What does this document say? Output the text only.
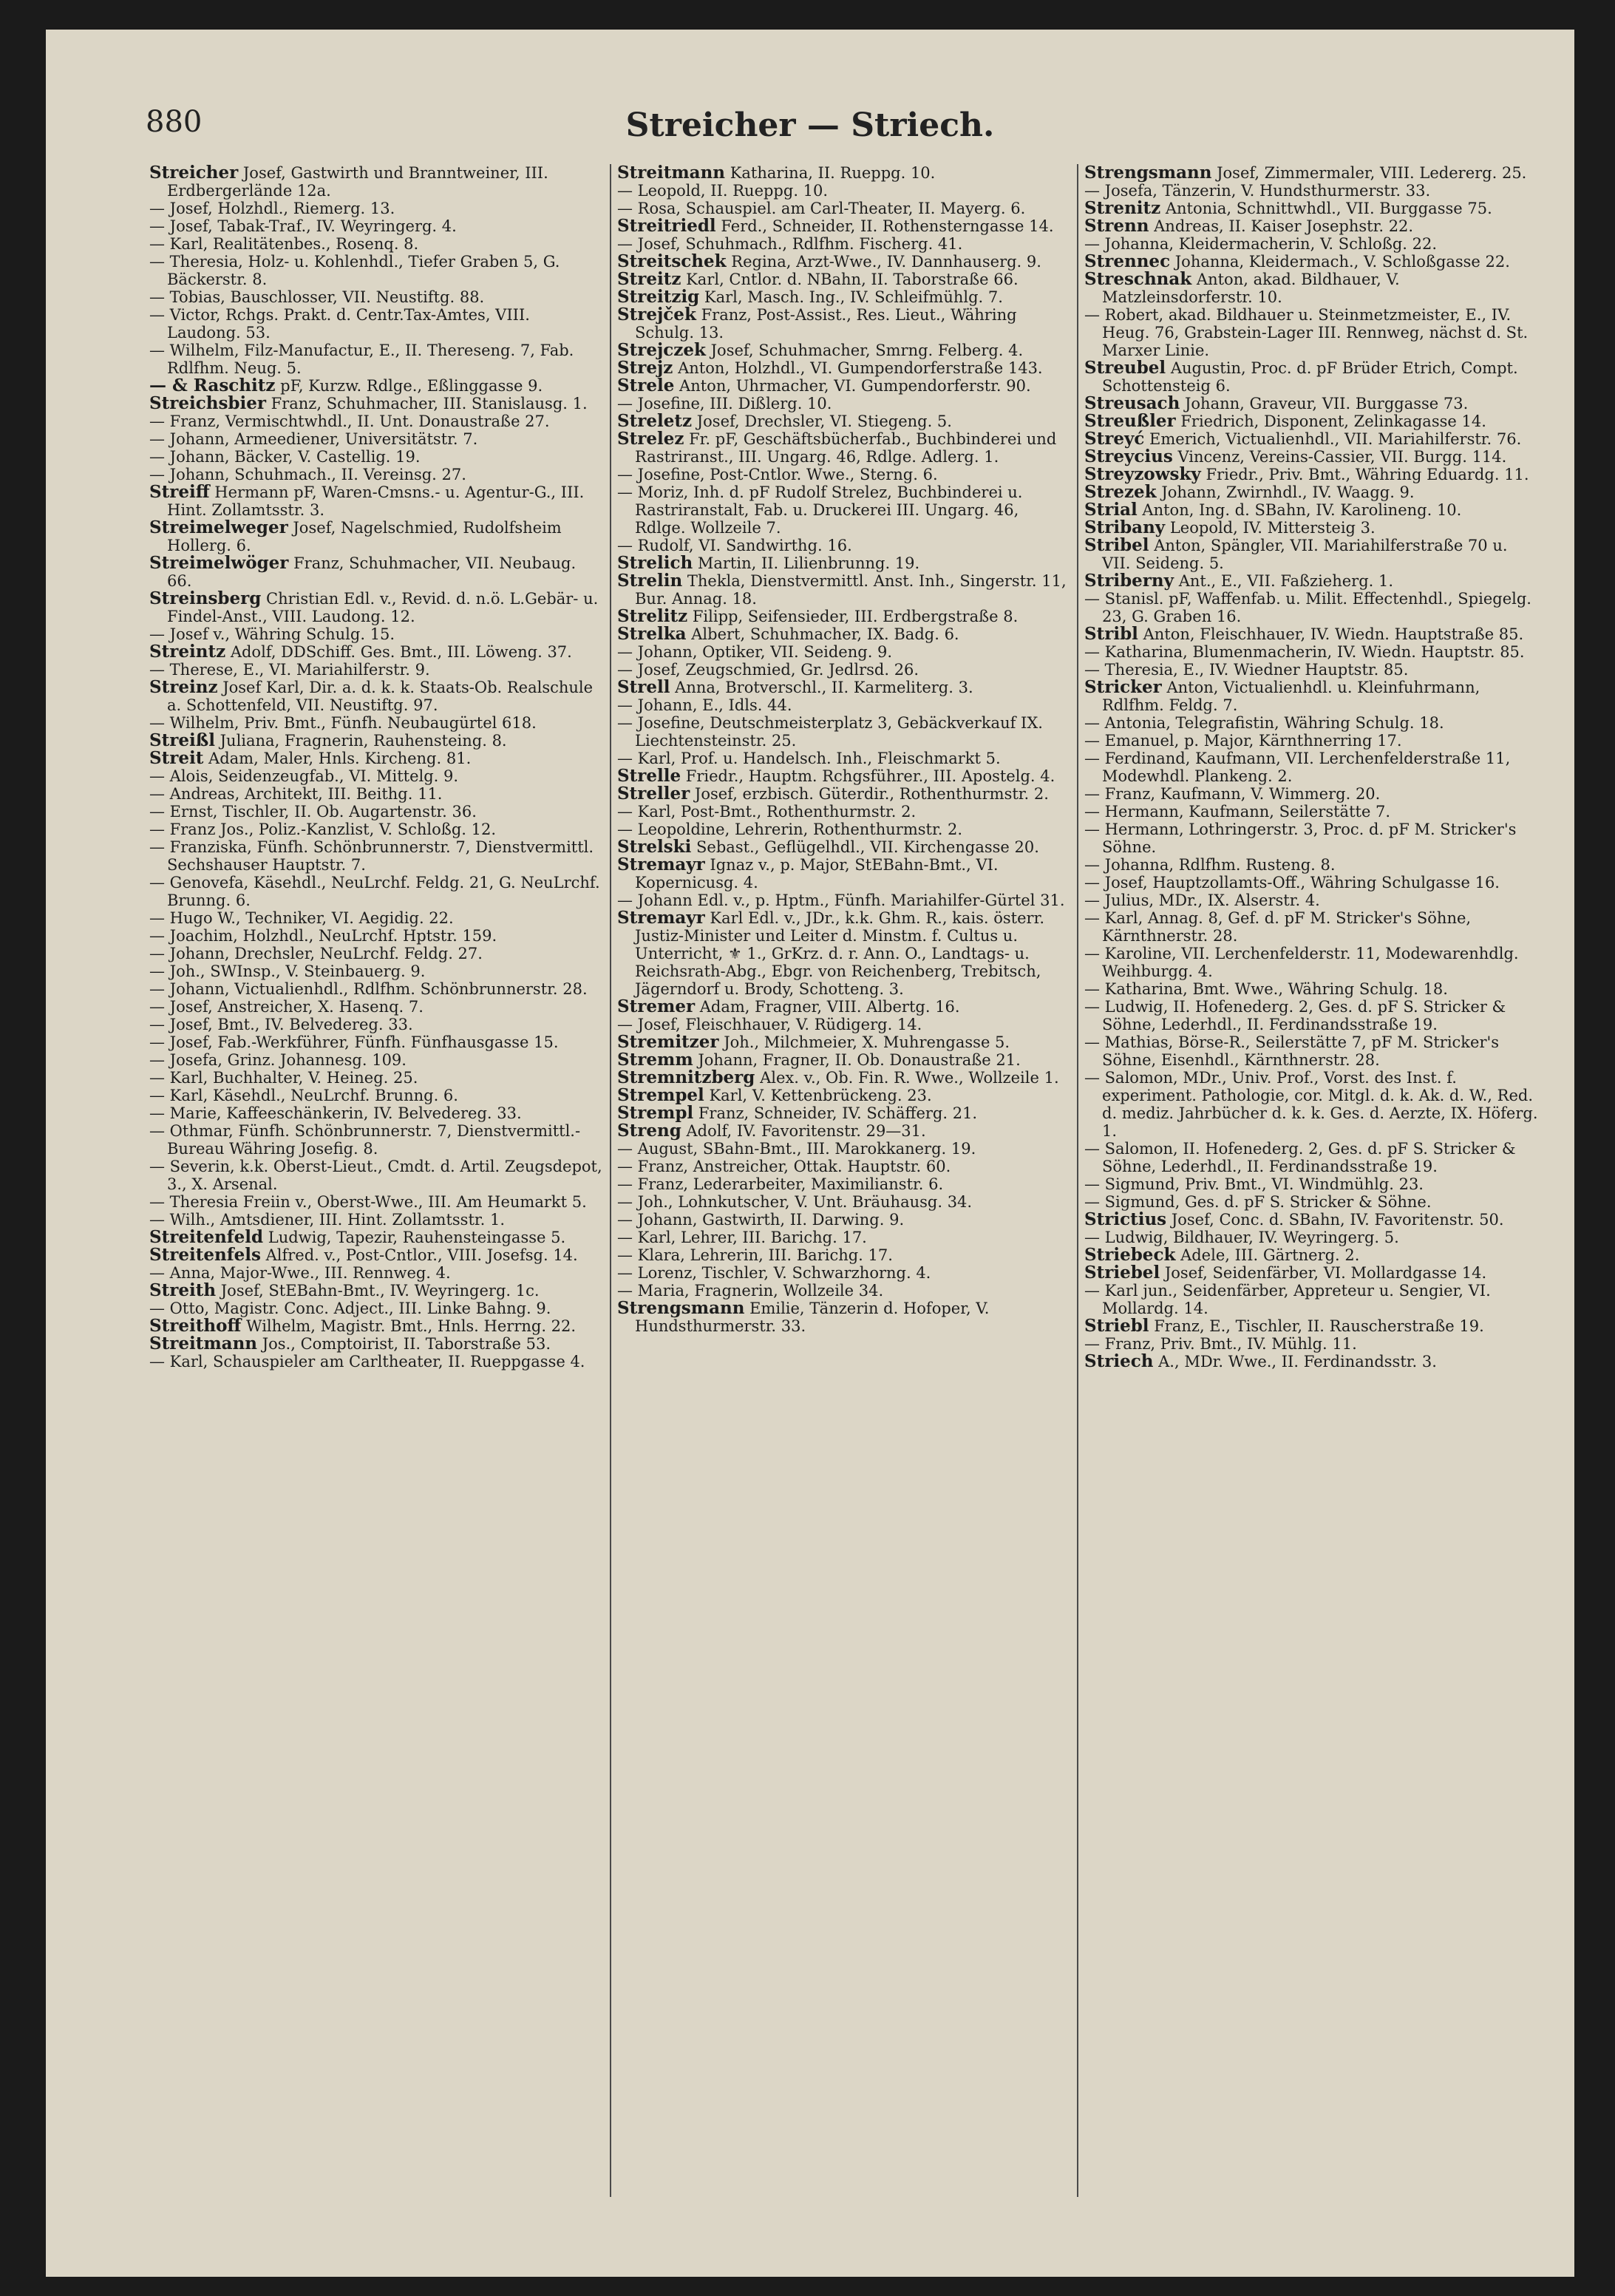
880	Streicher — Striech.

Streicher Josef, Gastwirth und Branntweiner, III. Erdbergerlände 12a.

— Josef, Holzhdl., Riemerg. 13.

— Josef, Tabak-Traf., IV. Weyringerg. 4.

— Karl, Realitätenbes., Rosenq. 8.

— Theresia, Holz- u. Kohlenhdl., Tiefer Graben 5, G. Bäckerstr. 8.

— Tobias, Bauschlosser, VII. Neustiftg. 88.

— Victor, Rchgs. Prakt. d. Centr.Tax-Amtes, VIII. Laudong. 53.

— Wilhelm, Filz-Manufactur, E., II. Thereseng. 7, Fab. Rdlfhm. Neug. 5.

— & Raschitz pF, Kurzw. Rdlge., Eßlinggasse 9.

Streichsbier Franz, Schuhmacher, III. Stanislausg. 1.

— Franz, Vermischtwhdl., II. Unt. Donaustraße 27.

— Johann, Armeediener, Universitätstr. 7.

— Johann, Bäcker, V. Castellig. 19.

— Johann, Schuhmach., II. Vereinsg. 27.

Streiff Hermann pF, Waren-Cmsns.- u. Agentur-G., III. Hint. Zollamtsstr. 3.

Streimelweger Josef, Nagelschmied, Rudolfsheim Hollerg. 6.

Streimelwöger Franz, Schuhmacher, VII. Neubaug. 66.

Streinsberg Christian Edl. v., Revid. d. n.ö. L.Gebär- u. Findel-Anst., VIII. Laudong. 12.

— Josef v., Währing Schulg. 15.

Streintz Adolf, DDSchiff. Ges. Bmt., III. Löweng. 37.

— Therese, E., VI. Mariahilferstr. 9.

Streinz Josef Karl, Dir. a. d. k. k. Staats-Ob. Realschule a. Schottenfeld, VII. Neustiftg. 97.

— Wilhelm, Priv. Bmt., Fünfh. Neubaugürtel 618.

Streißl Juliana, Fragnerin, Rauhensteing. 8.

Streit Adam, Maler, Hnls. Kircheng. 81.

— Alois, Seidenzeugfab., VI. Mittelg. 9.

— Andreas, Architekt, III. Beithg. 11.

— Ernst, Tischler, II. Ob. Augartenstr. 36.

— Franz Jos., Poliz.-Kanzlist, V. Schloßg. 12.

— Franziska, Fünfh. Schönbrunnerstr. 7, Dienstvermittl. Sechshauser Hauptstr. 7.

— Genovefa, Käsehdl., NeuLrchf. Feldg. 21, G. NeuLrchf. Brunng. 6.

— Hugo W., Techniker, VI. Aegidig. 22.

— Joachim, Holzhdl., NeuLrchf. Hptstr. 159.

— Johann, Drechsler, NeuLrchf. Feldg. 27.

— Joh., SWInsp., V. Steinbauerg. 9.

— Johann, Victualienhdl., Rdlfhm. Schönbrunnerstr. 28.

— Josef, Anstreicher, X. Hasenq. 7.

— Josef, Bmt., IV. Belvedereg. 33.

— Josef, Fab.-Werkführer, Fünfh. Fünfhausgasse 15.

— Josefa, Grinz. Johannesg. 109.

— Karl, Buchhalter, V. Heineg. 25.

— Karl, Käsehdl., NeuLrchf. Brunng. 6.

— Marie, Kaffeeschänkerin, IV. Belvedereg. 33.

— Othmar, Fünfh. Schönbrunnerstr. 7, Dienstvermittl.-Bureau Währing Josefig. 8.

— Severin, k.k. Oberst-Lieut., Cmdt. d. Artil. Zeugsdepot, 3., X. Arsenal.

— Theresia Freiin v., Oberst-Wwe., III. Am Heumarkt 5.

— Wilh., Amtsdiener, III. Hint. Zollamtsstr. 1.

Streitenfeld Ludwig, Tapezir, Rauhensteingasse 5.

Streitenfels Alfred. v., Post-Cntlor., VIII. Josefsg. 14.

— Anna, Major-Wwe., III. Rennweg. 4.

Streith Josef, StEBahn-Bmt., IV. Weyringerg. 1c.

— Otto, Magistr. Conc. Adject., III. Linke Bahng. 9.

Streithoff Wilhelm, Magistr. Bmt., Hnls. Herrng. 22.

Streitmann Jos., Comptoirist, II. Taborstraße 53.

— Karl, Schauspieler am Carltheater, II. Rueppgasse 4.

Streitmann Katharina, II. Rueppg. 10.

— Leopold, II. Rueppg. 10.

— Rosa, Schauspiel. am Carl-Theater, II. Mayerg. 6.

Streitriedl Ferd., Schneider, II. Rothensterngasse 14.

— Josef, Schuhmach., Rdlfhm. Fischerg. 41.

Streitschek Regina, Arzt-Wwe., IV. Dannhauserg. 9.

Streitz Karl, Cntlor. d. NBahn, II. Taborstraße 66.

Streitzig Karl, Masch. Ing., IV. Schleifmühlg. 7.

Strejček Franz, Post-Assist., Res. Lieut., Währing Schulg. 13.

Strejczek Josef, Schuhmacher, Smrng. Felberg. 4.

Strejz Anton, Holzhdl., VI. Gumpendorferstraße 143.

Strele Anton, Uhrmacher, VI. Gumpendorferstr. 90.

— Josefine, III. Dißlerg. 10.

Streletz Josef, Drechsler, VI. Stiegeng. 5.

Strelez Fr. pF, Geschäftsbücherfab., Buchbinderei und Rastriranst., III. Ungarg. 46, Rdlge. Adlerg. 1.

— Josefine, Post-Cntlor. Wwe., Sterng. 6.

— Moriz, Inh. d. pF Rudolf Strelez, Buchbinderei u. Rastriranstalt, Fab. u. Druckerei III. Ungarg. 46, Rdlge. Wollzeile 7.

— Rudolf, VI. Sandwirthg. 16.

Strelich Martin, II. Lilienbrunng. 19.

Strelin Thekla, Dienstvermittl. Anst. Inh., Singerstr. 11, Bur. Annag. 18.

Strelitz Filipp, Seifensieder, III. Erdbergstraße 8.

Strelka Albert, Schuhmacher, IX. Badg. 6.

— Johann, Optiker, VII. Seideng. 9.

— Josef, Zeugschmied, Gr. Jedlrsd. 26.

Strell Anna, Brotverschl., II. Karmeliterg. 3.

— Johann, E., Idls. 44.

— Josefine, Deutschmeisterplatz 3, Gebäckverkauf IX. Liechtensteinstr. 25.

— Karl, Prof. u. Handelsch. Inh., Fleischmarkt 5.

Strelle Friedr., Hauptm. Rchgsführer., III. Apostelg. 4.

Streller Josef, erzbisch. Güterdir., Rothenthurmstr. 2.

— Karl, Post-Bmt., Rothenthurmstr. 2.

— Leopoldine, Lehrerin, Rothenthurmstr. 2.

Strelski Sebast., Geflügelhdl., VII. Kirchengasse 20.

Stremayr Ignaz v., p. Major, StEBahn-Bmt., VI. Kopernicusg. 4.

— Johann Edl. v., p. Hptm., Fünfh. Mariahilfer-Gürtel 31.

Stremayr Karl Edl. v., JDr., k.k. Ghm. R., kais. österr. Justiz-Minister und Leiter d. Minstm. f. Cultus u. Unterricht, ⚜ 1., GrKrz. d. r. Ann. O., Landtags- u. Reichsrath-Abg., Ebgr. von Reichenberg, Trebitsch, Jägerndorf u. Brody, Schotteng. 3.

Stremer Adam, Fragner, VIII. Albertg. 16.

— Josef, Fleischhauer, V. Rüdigerg. 14.

Stremitzer Joh., Milchmeier, X. Muhrengasse 5.

Stremm Johann, Fragner, II. Ob. Donaustraße 21.

Stremnitzberg Alex. v., Ob. Fin. R. Wwe., Wollzeile 1.

Strempel Karl, V. Kettenbrückeng. 23.

Strempl Franz, Schneider, IV. Schäfferg. 21.

Streng Adolf, IV. Favoritenstr. 29—31.

— August, SBahn-Bmt., III. Marokkanerg. 19.

— Franz, Anstreicher, Ottak. Hauptstr. 60.

— Franz, Lederarbeiter, Maximilianstr. 6.

— Joh., Lohnkutscher, V. Unt. Bräuhausg. 34.

— Johann, Gastwirth, II. Darwing. 9.

— Karl, Lehrer, III. Barichg. 17.

— Klara, Lehrerin, III. Barichg. 17.

— Lorenz, Tischler, V. Schwarzhorng. 4.

— Maria, Fragnerin, Wollzeile 34.

Strengsmann Emilie, Tänzerin d. Hofoper, V. Hundsthurmerstr. 33.

Strengsmann Josef, Zimmermaler, VIII. Ledererg. 25.

— Josefa, Tänzerin, V. Hundsthurmerstr. 33.

Strenitz Antonia, Schnittwhdl., VII. Burggasse 75.

Strenn Andreas, II. Kaiser Josephstr. 22.

— Johanna, Kleidermacherin, V. Schloßg. 22.

Strennec Johanna, Kleidermach., V. Schloßgasse 22.

Streschnak Anton, akad. Bildhauer, V. Matzleinsdorferstr. 10.

— Robert, akad. Bildhauer u. Steinmetzmeister, E., IV. Heug. 76, Grabstein-Lager III. Rennweg, nächst d. St. Marxer Linie.

Streubel Augustin, Proc. d. pF Brüder Etrich, Compt. Schottensteig 6.

Streusach Johann, Graveur, VII. Burggasse 73.

Streußler Friedrich, Disponent, Zelinkagasse 14.

Streyć Emerich, Victualienhdl., VII. Mariahilferstr. 76.

Streycius Vincenz, Vereins-Cassier, VII. Burgg. 114.

Streyzowsky Friedr., Priv. Bmt., Währing Eduardg. 11.

Strezek Johann, Zwirnhdl., IV. Waagg. 9.

Strial Anton, Ing. d. SBahn, IV. Karolineng. 10.

Stribany Leopold, IV. Mittersteig 3.

Stribel Anton, Spängler, VII. Mariahilferstraße 70 u. VII. Seideng. 5.

Striberny Ant., E., VII. Faßzieherg. 1.

— Stanisl. pF, Waffenfab. u. Milit. Effectenhdl., Spiegelg. 23, G. Graben 16.

Stribl Anton, Fleischhauer, IV. Wiedn. Hauptstraße 85.

— Katharina, Blumenmacherin, IV. Wiedn. Hauptstr. 85.

— Theresia, E., IV. Wiedner Hauptstr. 85.

Stricker Anton, Victualienhdl. u. Kleinfuhrmann, Rdlfhm. Feldg. 7.

— Antonia, Telegrafistin, Währing Schulg. 18.

— Emanuel, p. Major, Kärnthnerring 17.

— Ferdinand, Kaufmann, VII. Lerchenfelderstraße 11, Modewhdl. Plankeng. 2.

— Franz, Kaufmann, V. Wimmerg. 20.

— Hermann, Kaufmann, Seilerstätte 7.

— Hermann, Lothringerstr. 3, Proc. d. pF M. Stricker's Söhne.

— Johanna, Rdlfhm. Rusteng. 8.

— Josef, Hauptzollamts-Off., Währing Schulgasse 16.

— Julius, MDr., IX. Alserstr. 4.

— Karl, Annag. 8, Gef. d. pF M. Stricker's Söhne, Kärnthnerstr. 28.

— Karoline, VII. Lerchenfelderstr. 11, Modewarenhdlg. Weihburgg. 4.

— Katharina, Bmt. Wwe., Währing Schulg. 18.

— Ludwig, II. Hofenederg. 2, Ges. d. pF S. Stricker & Söhne, Lederhdl., II. Ferdinandsstraße 19.

— Mathias, Börse-R., Seilerstätte 7, pF M. Stricker's Söhne, Eisenhdl., Kärnthnerstr. 28.

— Salomon, MDr., Univ. Prof., Vorst. des Inst. f. experiment. Pathologie, cor. Mitgl. d. k. Ak. d. W., Red. d. mediz. Jahrbücher d. k. k. Ges. d. Aerzte, IX. Höferg. 1.

— Salomon, II. Hofenederg. 2, Ges. d. pF S. Stricker & Söhne, Lederhdl., II. Ferdinandsstraße 19.

— Sigmund, Priv. Bmt., VI. Windmühlg. 23.

— Sigmund, Ges. d. pF S. Stricker & Söhne.

Strictius Josef, Conc. d. SBahn, IV. Favoritenstr. 50.

— Ludwig, Bildhauer, IV. Weyringerg. 5.

Striebeck Adele, III. Gärtnerg. 2.

Striebel Josef, Seidenfärber, VI. Mollardgasse 14.

— Karl jun., Seidenfärber, Appreteur u. Sengier, VI. Mollardg. 14.

Striebl Franz, E., Tischler, II. Rauscherstraße 19.

— Franz, Priv. Bmt., IV. Mühlg. 11.

Striech A., MDr. Wwe., II. Ferdinandsstr. 3.
